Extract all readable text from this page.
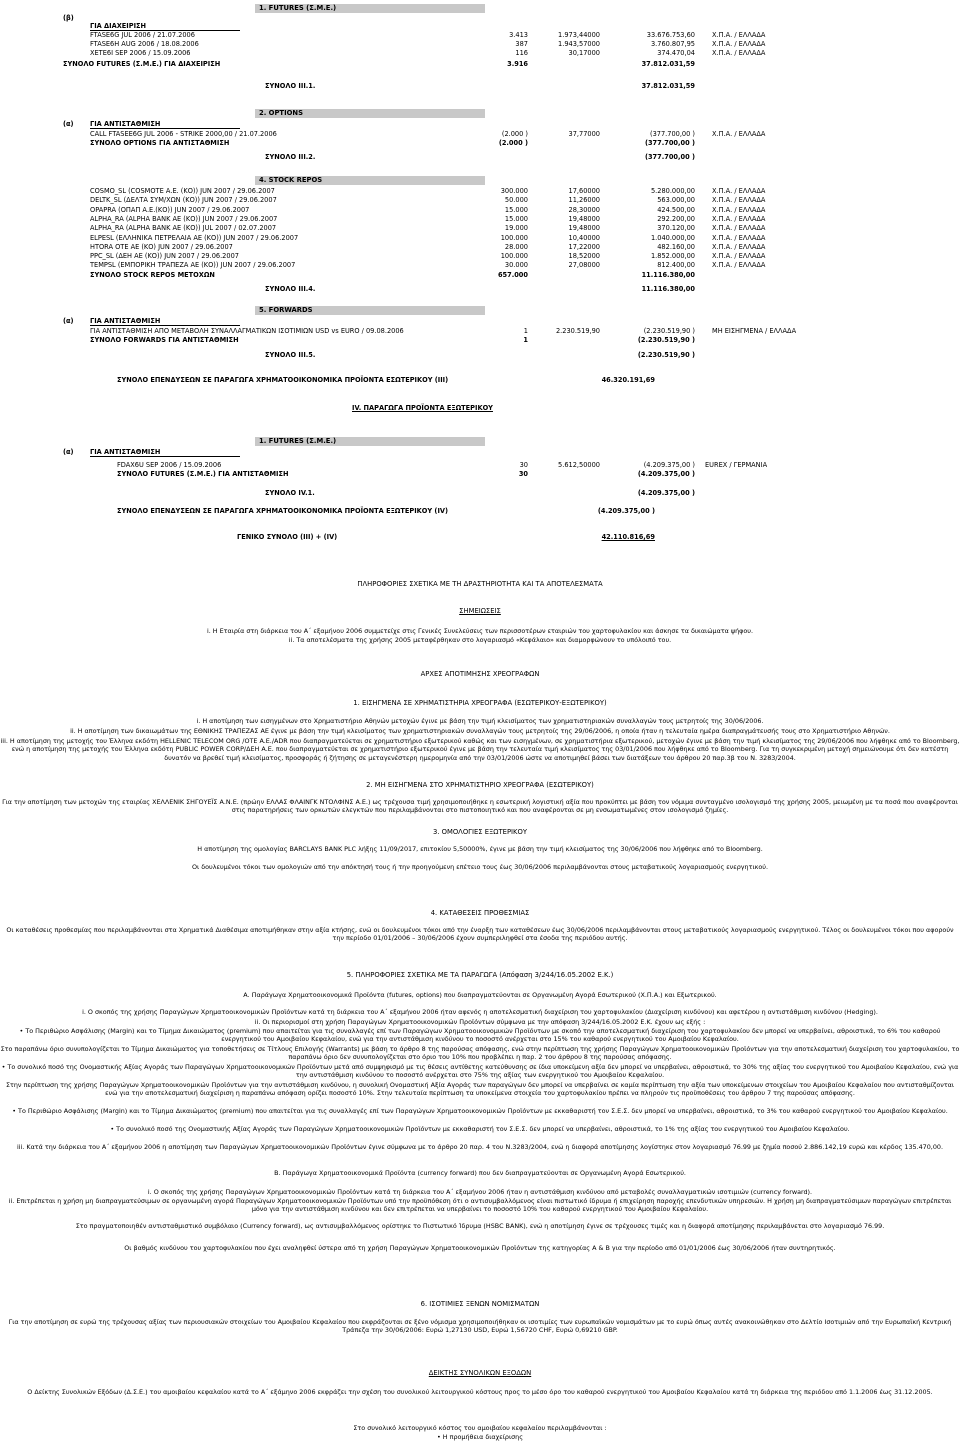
1. FUTURES (Σ.Μ.Ε.)
(β)
ΓΙΑ ΔΙΑΧΕΙΡΙΣΗ
FTASE6G JUL 2006 / 21.07.2006	3.413	1.973,44000	33.676.753,60	Χ.Π.Α. / ΕΛΛΑΔΑ
FTASE6H AUG 2006 / 18.08.2006	387	1.943,57000	3.760.807,95	Χ.Π.Α. / ΕΛΛΑΔΑ
XETE6I SEP 2006 / 15.09.2006	116	30,17000	374.470,04	Χ.Π.Α. / ΕΛΛΑΔΑ
ΣΥΝΟΛΟ FUTURES (Σ.Μ.Ε.) ΓΙΑ ΔΙΑΧΕΙΡΙΣΗ	3.916	37.812.031,59
ΣΥΝΟΛΟ III.1.	37.812.031,59
2. OPTIONS
(α) ΓΙΑ ΑΝΤΙΣΤΑΘΜΙΣΗ
CALL FTASEE6G JUL 2006 - STRIKE 2000,00 / 21.07.2006	(2.000 )	37,77000	(377.700,00 )	Χ.Π.Α. / ΕΛΛΑΔΑ
ΣΥΝΟΛΟ OPTIONS ΓΙΑ ΑΝΤΙΣΤΑΘΜΙΣΗ	(2.000 )	(377.700,00 )
ΣΥΝΟΛΟ III.2.	(377.700,00 )
4. STOCK REPOS
COSMO_SL (COSMOTE Α.Ε. (ΚΟ)) JUN 2007 / 29.06.2007	300.000	17,60000	5.280.000,00	Χ.Π.Α. / ΕΛΛΑΔΑ
DELTK_SL (ΔΕΛΤΑ ΣΥΜ/ΧΩΝ (ΚΟ)) JUN 2007 / 29.06.2007	50.000	11,26000	563.000,00	Χ.Π.Α. / ΕΛΛΑΔΑ
OPAPRA (ΟΠΑΠ Α.Ε.(ΚΟ)) JUN 2007 / 29.06.2007	15.000	28,30000	424.500,00	Χ.Π.Α. / ΕΛΛΑΔΑ
ALPHA_RA (ALPHA BANK AE (ΚΟ)) JUN 2007 / 29.06.2007	15.000	19,48000	292.200,00	Χ.Π.Α. / ΕΛΛΑΔΑ
ALPHA_RA (ALPHA BANK AE (ΚΟ)) JUL 2007 / 02.07.2007	19.000	19,48000	370.120,00	Χ.Π.Α. / ΕΛΛΑΔΑ
ELPESL (ΕΛΛΗΝΙΚΑ ΠΕΤΡΕΛΑΙΑ ΑΕ (ΚΟ)) JUN 2007 / 29.06.2007	100.000	10,40000	1.040.000,00	Χ.Π.Α. / ΕΛΛΑΔΑ
HTORA OTE AE (ΚΟ) JUN 2007 / 29.06.2007	28.000	17,22000	482.160,00	Χ.Π.Α. / ΕΛΛΑΔΑ
PPC_SL (ΔΕΗ ΑΕ (ΚΟ)) JUN 2007 / 29.06.2007	100.000	18,52000	1.852.000,00	Χ.Π.Α. / ΕΛΛΑΔΑ
TEMPSL (ΕΜΠΟΡΙΚΗ ΤΡΑΠΕΖΑ ΑΕ (ΚΟ)) JUN 2007 / 29.06.2007	30.000	27,08000	812.400,00	Χ.Π.Α. / ΕΛΛΑΔΑ
ΣΥΝΟΛΟ STOCK REPOS ΜΕΤΟΧΩΝ	657.000	11.116.380,00
ΣΥΝΟΛΟ III.4.	11.116.380,00
5. FORWARDS
(α) ΓΙΑ ΑΝΤΙΣΤΑΘΜΙΣΗ
ΓΙΑ ΑΝΤΙΣΤΑΘΜΙΣΗ ΑΠΟ ΜΕΤΑΒΟΛΗ ΣΥΝΑΛΛΑΓΜΑΤΙΚΩΝ ΙΣΟΤΙΜΙΩΝ USD vs EURO / 09.08.2006	1	2.230.519,90	(2.230.519,90 )	ΜΗ ΕΙΣΗΓΜΕΝΑ / ΕΛΛΑΔΑ
ΣΥΝΟΛΟ FORWARDS ΓΙΑ ΑΝΤΙΣΤΑΘΜΙΣΗ	1	(2.230.519,90 )
ΣΥΝΟΛΟ III.5.	(2.230.519,90 )
ΣΥΝΟΛΟ ΕΠΕΝΔΥΣΕΩΝ ΣΕ ΠΑΡΑΓΩΓΑ ΧΡΗΜΑΤΟΟΙΚΟΝΟΜΙΚΑ ΠΡΟΪΟΝΤΑ ΕΣΩΤΕΡΙΚΟΥ (III)	46.320.191,69
IV. ΠΑΡΑΓΩΓΑ ΠΡΟΪΟΝΤΑ ΕΞΩΤΕΡΙΚΟΥ
1. FUTURES (Σ.Μ.Ε.)
(α) ΓΙΑ ΑΝΤΙΣΤΑΘΜΙΣΗ
FDAX6U SEP 2006 / 15.09.2006	30	5.612,50000	(4.209.375,00 ) EUREX / ΓΕΡΜΑΝΙΑ
ΣΥΝΟΛΟ FUTURES (Σ.Μ.Ε.) ΓΙΑ ΑΝΤΙΣΤΑΘΜΙΣΗ	30	(4.209.375,00 )
ΣΥΝΟΛΟ IV.1.	(4.209.375,00 )
ΣΥΝΟΛΟ ΕΠΕΝΔΥΣΕΩΝ ΣΕ ΠΑΡΑΓΩΓΑ ΧΡΗΜΑΤΟΟΙΚΟΝΟΜΙΚΑ ΠΡΟΪΟΝΤΑ ΕΞΩΤΕΡΙΚΟΥ (IV)	(4.209.375,00 )
ΓΕΝΙΚΟ ΣΥΝΟΛΟ (III) + (IV)	42.110.816,69
ΠΛΗΡΟΦΟΡΙΕΣ ΣΧΕΤΙΚΑ ΜΕ ΤΗ ΔΡΑΣΤΗΡΙΟΤΗΤΑ ΚΑΙ ΤΑ ΑΠΟΤΕΛΕΣΜΑΤΑ
ΣΗΜΕΙΩΣΕΙΣ
i. Η Εταιρία στη διάρκεια του Α΄ εξαμήνου 2006 συμμετείχε στις Γενικές Συνελεύσεις των περισσοτέρων εταιριών του χαρτοφυλακίου και άσκησε τα δικαιώματα ψήφου.
ii. Τα αποτελέσματα της χρήσης 2005 μεταφέρθηκαν στο λογαριασμό «Κεφάλαιο» και διαμορφώνουν το υπόλοιπό του.
ΑΡΧΕΣ ΑΠΟΤΙΜΗΣΗΣ ΧΡΕΟΓΡΑΦΩΝ
1. ΕΙΣΗΓΜΕΝΑ ΣΕ ΧΡΗΜΑΤΙΣΤΗΡΙΑ ΧΡΕΟΓΡΑΦΑ (ΕΣΩΤΕΡΙΚΟΥ-ΕΞΩΤΕΡΙΚΟΥ)
i. Η αποτίμηση των εισηγμένων στο Χρηματιστήριο Αθηνών μετοχών έγινε με βάση την τιμή κλεισίματος των χρηματιστηριακών συναλλαγών τους μετρητοίς της 30/06/2006.
ii. Η αποτίμηση των δικαιωμάτων της ΕΘΝΙΚΗΣ ΤΡΑΠΕΖΑΣ ΑΕ έγινε με βάση την τιμή κλεισίματος των χρηματιστηριακών συναλλαγών τους μετρητοίς της 29/06/2006, η οποία ήταν η τελευταία ημέρα διαπραγμάτευσής τους στο Χρηματιστήριο Αθηνών.
iii. Η αποτίμηση της μετοχής του Έλληνα εκδότη HELLENIC TELECOM ORG /OTE A.E./ADR που διαπραγματεύεται σε χρηματιστήριο εξωτερικού καθώς και των εισηγμένων, σε χρηματιστήρια εξωτερικού, μετοχών έγινε με βάση την τιμή κλεισίματος της 29/06/2006 που λήφθηκε από το Bloomberg, ενώ η αποτίμηση της μετοχής του Έλληνα εκδότη PUBLIC POWER CORP/ΔΕΗ Α.Ε. που διαπραγματεύεται σε χρηματιστήριο εξωτερικού έγινε με βάση την τελευταία τιμή κλεισίματος της 03/01/2006 που λήφθηκε από το Bloomberg. Για τη συγκεκριμένη μετοχή σημειώνουμε ότι δεν κατέστη δυνατόν να βρεθεί τιμή κλεισίματος, προσφοράς ή ζήτησης σε μεταγενέστερη ημερομηνία από την 03/01/2006 ώστε να αποτιμηθεί βάσει των διατάξεων του άρθρου 20 παρ.3β του Ν. 3283/2004.
2. ΜΗ ΕΙΣΗΓΜΕΝΑ ΣΤΟ ΧΡΗΜΑΤΙΣΤΗΡΙΟ ΧΡΕΟΓΡΑΦΑ (ΕΣΩΤΕΡΙΚΟΥ)
Για την αποτίμηση των μετοχών της εταιρίας ΧΕΛΛΕΝΙΚ ΣΗΓΟΥΕΪΣ Α.Ν.Ε. (πρώην ΕΛΛΑΣ ΦΛΑΙΝΓΚ ΝΤΟΛΦΙΝΣ Α.Ε.) ως τρέχουσα τιμή χρησιμοποιήθηκε η εσωτερική λογιστική αξία που προκύπτει με βάση τον νόμιμα συνταγμένο ισολογισμό της χρήσης 2005, μειωμένη με τα ποσά που αναφέρονται στις παρατηρήσεις των ορκωτών ελεγκτών που περιλαμβάνονται στο πιστοποιητικό και που αναφέρονται σε μη ενσωματωμένες στον ισολογισμό ζημίες.
3. ΟΜΟΛΟΓΙΕΣ ΕΞΩΤΕΡΙΚΟΥ
Η αποτίμηση της ομολογίας BARCLAYS BANK PLC λήξης 11/09/2017, επιτοκίου 5,50000%, έγινε με βάση την τιμή κλεισίματος της 30/06/2006 που λήφθηκε από το Bloomberg.
Οι δουλευμένοι τόκοι των ομολογιών από την απόκτησή τους ή την προηγούμενη επέτειο τους έως 30/06/2006 περιλαμβάνονται στους μεταβατικούς λογαριασμούς ενεργητικού.
4. ΚΑΤΑΘΕΣΕΙΣ ΠΡΟΘΕΣΜΙΑΣ
Οι καταθέσεις προθεσμίας που περιλαμβάνονται στα Χρηματικά Διαθέσιμα αποτιμήθηκαν στην αξία κτήσης, ενώ οι δουλευμένοι τόκοι από την έναρξη των καταθέσεων έως 30/06/2006 περιλαμβάνονται στους μεταβατικούς λογαριασμούς ενεργητικού. Τέλος οι δουλευμένοι τόκοι που αφορούν την περίοδο 01/01/2006 – 30/06/2006 έχουν συμπεριληφθεί στα έσοδα της περιόδου αυτής.
5. ΠΛΗΡΟΦΟΡΙΕΣ ΣΧΕΤΙΚΑ ΜΕ ΤΑ ΠΑΡΑΓΩΓΑ (Απόφαση 3/244/16.05.2002 Ε.Κ.)
Α. Παράγωγα Χρηματοοικονομικά Προϊόντα (futures, options) που διαπραγματεύονται σε Οργανωμένη Αγορά Εσωτερικού (Χ.Π.Α.) και Εξωτερικού.
i. Ο σκοπός της χρήσης Παραγώγων Χρηματοοικονομικών Προϊόντων κατά τη διάρκεια του Α΄ εξαμήνου 2006 ήταν αφενός η αποτελεσματική διαχείριση του χαρτοφυλακίου (Διαχείριση κινδύνου) και αφετέρου η αντιστάθμιση κινδύνου (Hedging).
ii. Οι περιορισμοί στη χρήση Παραγώγων Χρηματοοικονομικών Προϊόντων σύμφωνα με την απόφαση 3/244/16.05.2002 Ε.Κ. έχουν ως εξής :
• Το Περιθώριο Ασφάλισης (Margin) και το Τίμημα Δικαιώματος (premium) που απαιτείται για τις συναλλαγές επί των Παραγώγων Χρηματοοικονομικών Προϊόντων με σκοπό την αποτελεσματική διαχείριση του χαρτοφυλακίου δεν μπορεί να υπερβαίνει, αθροιστικά, το 6% του καθαρού ενεργητικού του Αμοιβαίου Κεφαλαίου, ενώ για την αντιστάθμιση κινδύνου το ποσοστό ανέρχεται στο 15% του καθαρού ενεργητικού του Αμοιβαίου Κεφαλαίου.
Στο παραπάνω όριο συνυπολογίζεται το Τίμημα Δικαιώματος για τοποθετήσεις σε Τίτλους Επιλογής (Warrants) με βάση το άρθρο 8 της παρούσας απόφασης, ενώ στην περίπτωση της χρήσης Παραγώγων Χρηματοοικονομικών Προϊόντων για την αποτελεσματική διαχείριση του χαρτοφυλακίου, το παραπάνω όριο δεν συνυπολογίζεται στο όριο του 10% που προβλέπει η παρ. 2 του άρθρου 8 της παρούσας απόφασης.
• Το συνολικό ποσό της Ονομαστικής Αξίας Αγοράς των Παραγώγων Χρηματοοικονομικών Προϊόντων μετά από συμψηφισμό με τις θέσεις αντίθετης κατεύθυνσης σε ίδια υποκείμενη αξία δεν μπορεί να υπερβαίνει, αθροιστικά, το 30% της αξίας του ενεργητικού του Αμοιβαίου Κεφαλαίου, ενώ για την αντιστάθμιση κινδύνου το ποσοστό ανέρχεται στο 75% της αξίας των ενεργητικού του Αμοιβαίου Κεφαλαίου.
Στην περίπτωση της χρήσης Παραγώγων Χρηματοοικονομικών Προϊόντων για την αντιστάθμιση κινδύνου, η συνολική Ονομαστική Αξία Αγοράς των παραγώγων δεν μπορεί να υπερβαίνει σε καμία περίπτωση την αξία των υποκείμενων στοιχείων του Αμοιβαίου Κεφαλαίου που αντισταθμίζονται ενώ για την αποτελεσματική διαχείριση η παραπάνω απόφαση ορίζει ποσοστό 10%. Στην τελευταία περίπτωση τα υποκείμενα στοιχεία του χαρτοφυλακίου πρέπει να πληρούν τις προϋποθέσεις του άρθρου 7 της παρούσας απόφασης.
• Το Περιθώριο Ασφάλισης (Margin) και το Τίμημα Δικαιώματος (premium) που απαιτείται για τις συναλλαγές επί των Παραγώγων Χρηματοοικονομικών Προϊόντων με εκκαθαριστή τον Σ.Ε.Σ. δεν μπορεί να υπερβαίνει, αθροιστικά, το 3% του καθαρού ενεργητικού του Αμοιβαίου Κεφαλαίου.
• Το συνολικό ποσό της Ονομαστικής Αξίας Αγοράς των Παραγώγων Χρηματοοικονομικών Προϊόντων με εκκαθαριστή τον Σ.Ε.Σ. δεν μπορεί να υπερβαίνει, αθροιστικά, το 1% της αξίας του ενεργητικού του Αμοιβαίου Κεφαλαίου.
iii. Κατά την διάρκεια του Α΄ εξαμήνου 2006 η αποτίμηση των Παραγώγων Χρηματοοικονομικών Προϊόντων έγινε σύμφωνα με το άρθρο 20 παρ. 4 του Ν.3283/2004, ενώ η διαφορά αποτίμησης λογίστηκε στον λογαριασμό 76.99 με ζημία ποσού 2.886.142,19 ευρώ και κέρδος 135.470,00.
Β. Παράγωγα Χρηματοοικονομικά Προϊόντα (currency forward) που δεν διαπραγματεύονται σε Οργανωμένη Αγορά Εσωτερικού.
i. Ο σκοπός της χρήσης Παραγώγων Χρηματοοικονομικών Προϊόντων κατά τη διάρκεια του Α΄ εξαμήνου 2006 ήταν η αντιστάθμιση κινδύνου από μεταβολές συναλλαγματικών ισοτιμιών (currency forward).
ii. Επιτρέπεται η χρήση μη διαπραγματεύσιμων σε οργανωμένη αγορά Παραγώγων Χρηματοοικονομικών Προϊόντων υπό την προϋπόθεση ότι ο αντισυμβαλλόμενος είναι πιστωτικό ίδρυμα ή επιχείρηση παροχής επενδυτικών υπηρεσιών. Η χρήση μη διαπραγματεύσιμων παραγώγων επιτρέπεται μόνο για την αντιστάθμιση κινδύνου και δεν επιτρέπεται να υπερβαίνει το ποσοστό 10% του καθαρού ενεργητικού του Αμοιβαίου Κεφαλαίου.
Στο πραγματοποιηθέν αντισταθμιστικό συμβόλαιο (Currency forward), ως αντισυμβαλλόμενος ορίστηκε το Πιστωτικό Ίδρυμα (HSBC BANK), ενώ η αποτίμηση έγινε σε τρέχουσες τιμές και η διαφορά αποτίμησης περιλαμβάνεται στο λογαριασμό 76.99.
Οι βαθμός κινδύνου του χαρτοφυλακίου που έχει αναληφθεί ύστερα από τη χρήση Παραγώγων Χρηματοοικονομικών Προϊόντων της κατηγορίας Α & Β για την περίοδο από 01/01/2006 έως 30/06/2006 ήταν συντηρητικός.
6. ΙΣΟΤΙΜΙΕΣ ΞΕΝΩΝ ΝΟΜΙΣΜΑΤΩΝ
Για την αποτίμηση σε ευρώ της τρέχουσας αξίας των περιουσιακών στοιχείων του Αμοιβαίου Κεφαλαίου που εκφράζονται σε ξένο νόμισμα χρησιμοποιήθηκαν οι ισοτιμίες των ευρωπαϊκών νομισμάτων με το ευρώ όπως αυτές ανακοινώθηκαν στο Δελτίο Ισοτιμιών από την Ευρωπαϊκή Κεντρική Τράπεζα την 30/06/2006: Ευρώ 1,27130 USD, Ευρώ 1,56720 CHF, Ευρώ 0,69210 GBP.
ΔΕΙΚΤΗΣ ΣΥΝΟΛΙΚΩΝ ΕΞΟΔΩΝ
Ο Δείκτης Συνολικών Εξόδων (Δ.Σ.Ε.) του αμοιβαίου κεφαλαίου κατά το Α΄ εξάμηνο 2006 εκφράζει την σχέση του συνολικού λειτουργικού κόστους προς το μέσο όρο του καθαρού ενεργητικού του Αμοιβαίου Κεφαλαίου κατά τη διάρκεια της περιόδου από 1.1.2006 έως 31.12.2005.
Στο συνολικό λειτουργικό κόστος του αμοιβαίου κεφαλαίου περιλαμβάνονται :
• Η προμήθεια διαχείρισης
